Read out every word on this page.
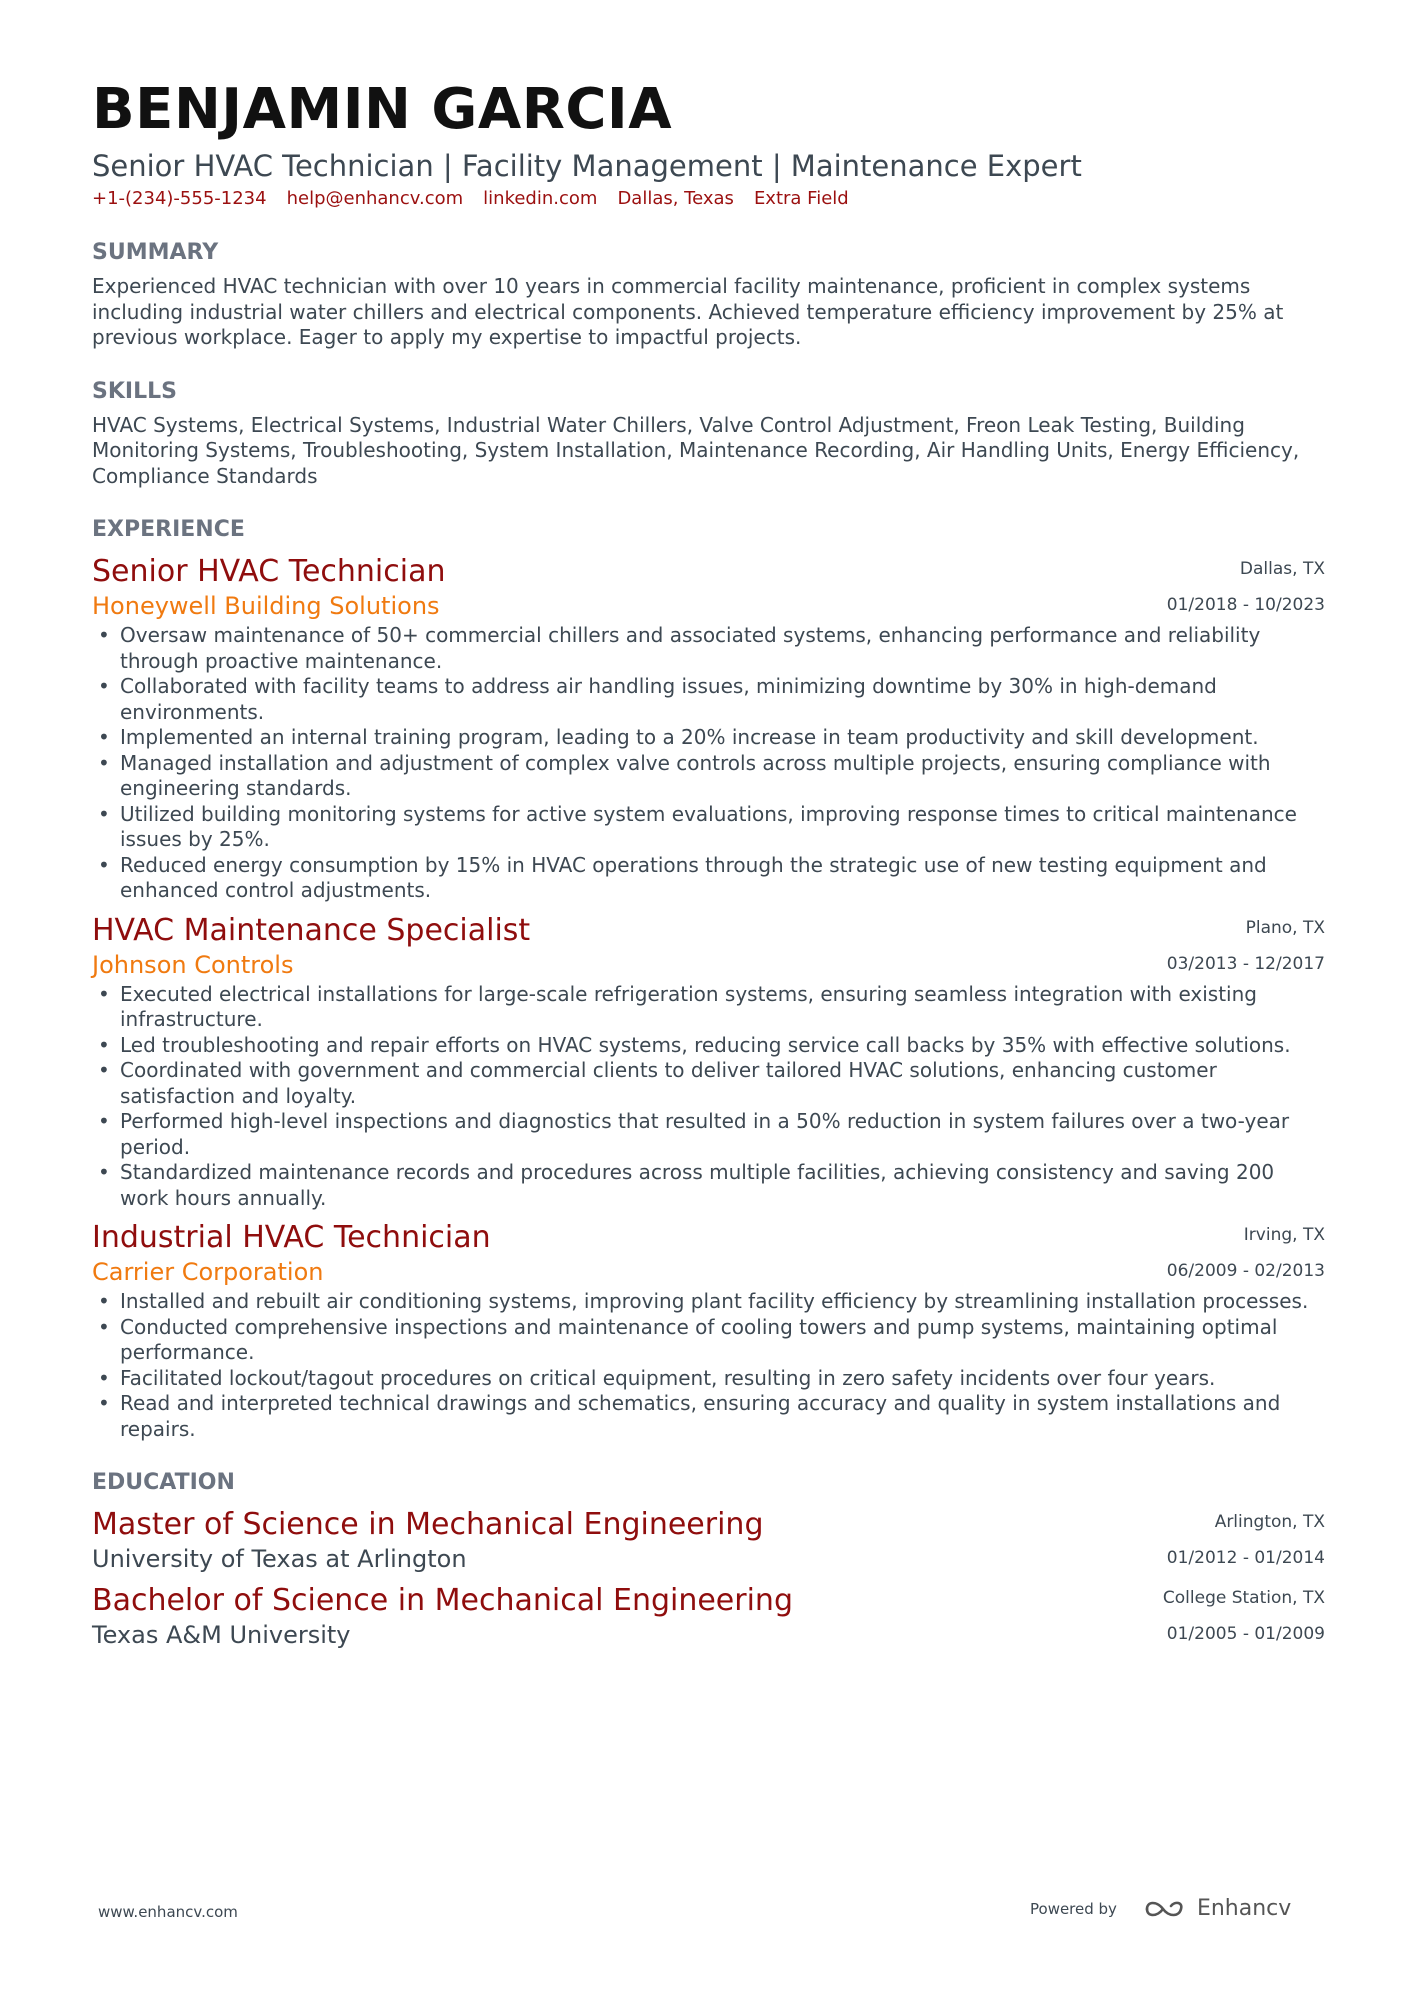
BENJAMIN GARCIA
Senior HVAC Technician | Facility Management | Maintenance Expert
+1-(234)-555-1234 help@enhancv.com linkedin.com Dallas, Texas Extra Field
SUMMARY
Experienced HVAC technician with over 10 years in commercial facility maintenance, proficient in complex systems including industrial water chillers and electrical components. Achieved temperature efficiency improvement by 25% at previous workplace. Eager to apply my expertise to impactful projects.
SKILLS
HVAC Systems, Electrical Systems, Industrial Water Chillers, Valve Control Adjustment, Freon Leak Testing, Building Monitoring Systems, Troubleshooting, System Installation, Maintenance Recording, Air Handling Units, Energy Efficiency, Compliance Standards
EXPERIENCE
Senior HVAC Technician
Honeywell Building Solutions
Dallas, TX
01/2018 - 10/2023
• Oversaw maintenance of 50+ commercial chillers and associated systems, enhancing performance and reliability through proactive maintenance.
• Collaborated with facility teams to address air handling issues, minimizing downtime by 30% in high-demand environments.
• Implemented an internal training program, leading to a 20% increase in team productivity and skill development.
• Managed installation and adjustment of complex valve controls across multiple projects, ensuring compliance with engineering standards.
• Utilized building monitoring systems for active system evaluations, improving response times to critical maintenance issues by 25%.
• Reduced energy consumption by 15% in HVAC operations through the strategic use of new testing equipment and enhanced control adjustments.
HVAC Maintenance Specialist
Johnson Controls
Plano, TX
03/2013 - 12/2017
• Executed electrical installations for large-scale refrigeration systems, ensuring seamless integration with existing infrastructure.
• Led troubleshooting and repair efforts on HVAC systems, reducing service call backs by 35% with effective solutions.
• Coordinated with government and commercial clients to deliver tailored HVAC solutions, enhancing customer satisfaction and loyalty.
• Performed high-level inspections and diagnostics that resulted in a 50% reduction in system failures over a two-year period.
• Standardized maintenance records and procedures across multiple facilities, achieving consistency and saving 200 work hours annually.
Industrial HVAC Technician
Carrier Corporation
Irving, TX
06/2009 - 02/2013
• Installed and rebuilt air conditioning systems, improving plant facility efficiency by streamlining installation processes.
• Conducted comprehensive inspections and maintenance of cooling towers and pump systems, maintaining optimal performance.
• Facilitated lockout/tagout procedures on critical equipment, resulting in zero safety incidents over four years.
• Read and interpreted technical drawings and schematics, ensuring accuracy and quality in system installations and repairs.
EDUCATION
Master of Science in Mechanical Engineering
University of Texas at Arlington
Arlington, TX
01/2012 - 01/2014
Bachelor of Science in Mechanical Engineering
Texas A&M University
College Station, TX
01/2005 - 01/2009
www.enhancv.com	Powered by	Enhancv
